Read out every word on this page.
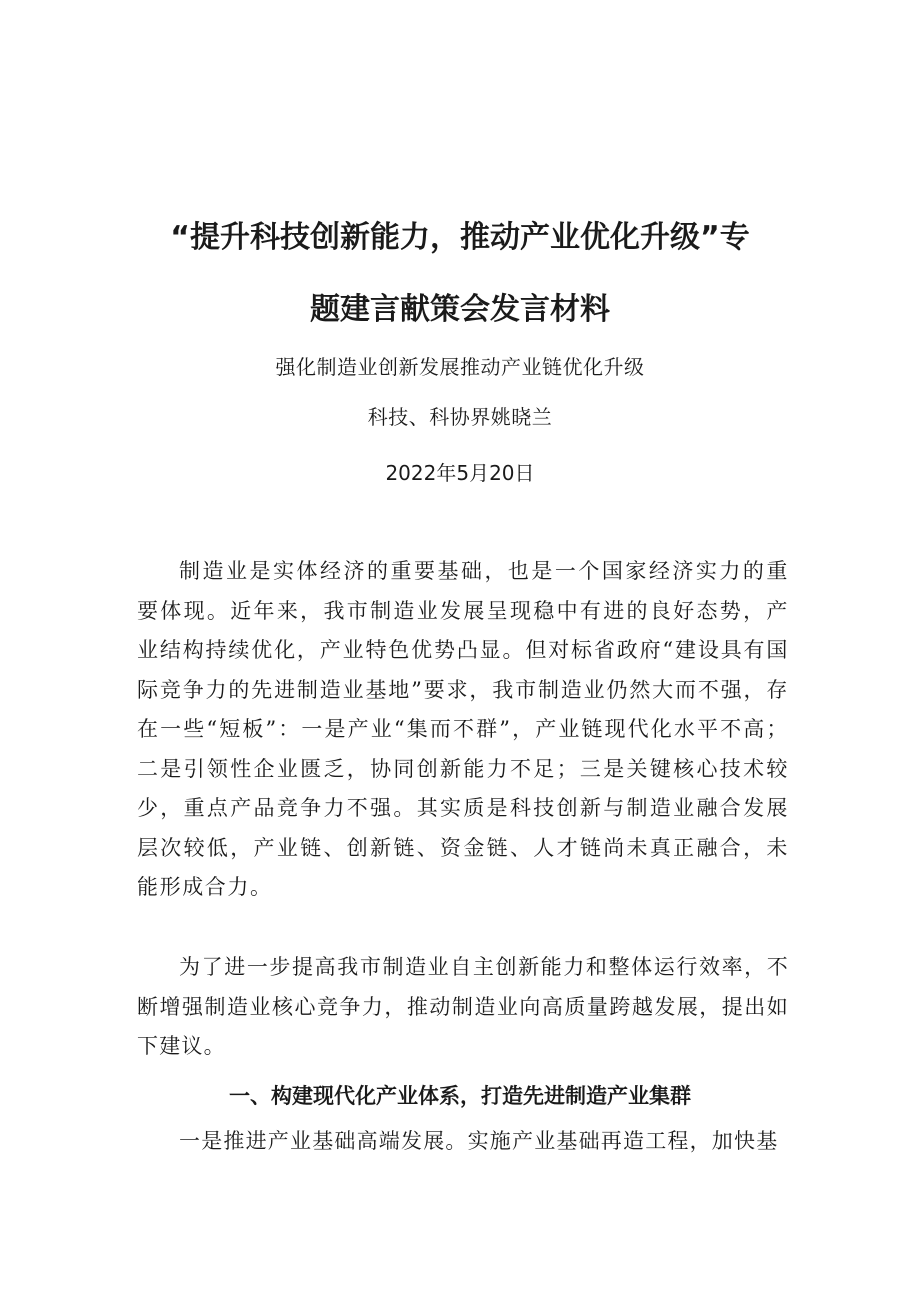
“提升科技创新能力，推动产业优化升级”专
题建言献策会发言材料
强化制造业创新发展推动产业链优化升级
科技、科协界姚晓兰
2022年5月20日

制造业是实体经济的重要基础，也是一个国家经济实力的重要体现。近年来，我市制造业发展呈现稳中有进的良好态势，产业结构持续优化，产业特色优势凸显。但对标省政府“建设具有国际竞争力的先进制造业基地”要求，我市制造业仍然大而不强，存在一些“短板”：一是产业“集而不群”，产业链现代化水平不高；二是引领性企业匮乏，协同创新能力不足；三是关键核心技术较少，重点产品竞争力不强。其实质是科技创新与制造业融合发展层次较低，产业链、创新链、资金链、人才链尚未真正融合，未能形成合力。

为了进一步提高我市制造业自主创新能力和整体运行效率，不断增强制造业核心竞争力，推动制造业向高质量跨越发展，提出如下建议。

一、构建现代化产业体系，打造先进制造产业集群

一是推进产业基础高端发展。实施产业基础再造工程，加快基
